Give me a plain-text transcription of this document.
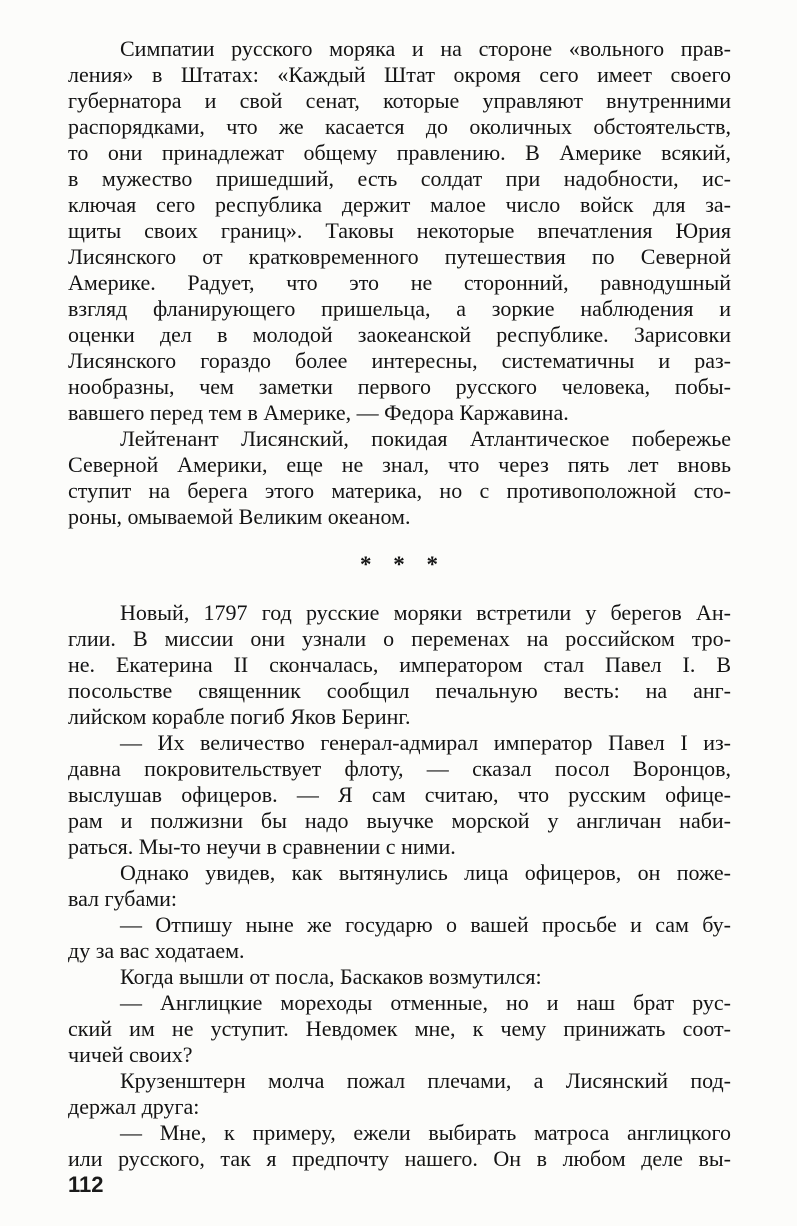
Симпатии русского моряка и на стороне «вольного прав-
ления» в Штатах: «Каждый Штат окромя сего имеет своего
губернатора и свой сенат, которые управляют внутренними
распорядками, что же касается до околичных обстоятельств,
то они принадлежат общему правлению. В Америке всякий,
в мужество пришедший, есть солдат при надобности, ис-
ключая сего республика держит малое число войск для за-
щиты своих границ». Таковы некоторые впечатления Юрия
Лисянского от кратковременного путешествия по Северной
Америке. Радует, что это не сторонний, равнодушный
взгляд фланирующего пришельца, а зоркие наблюдения и
оценки дел в молодой заокеанской республике. Зарисовки
Лисянского гораздо более интересны, систематичны и раз-
нообразны, чем заметки первого русского человека, побы-
вавшего перед тем в Америке, — Федора Каржавина.
Лейтенант Лисянский, покидая Атлантическое побережье
Северной Америки, еще не знал, что через пять лет вновь
ступит на берега этого материка, но с противоположной сто-
роны, омываемой Великим океаном.
* * *
Новый, 1797 год русские моряки встретили у берегов Ан-
глии. В миссии они узнали о переменах на российском тро-
не. Екатерина II скончалась, императором стал Павел I. В
посольстве священник сообщил печальную весть: на анг-
лийском корабле погиб Яков Беринг.
— Их величество генерал-адмирал император Павел I из-
давна покровительствует флоту, — сказал посол Воронцов,
выслушав офицеров. — Я сам считаю, что русским офице-
рам и полжизни бы надо выучке морской у англичан наби-
раться. Мы-то неучи в сравнении с ними.
Однако увидев, как вытянулись лица офицеров, он поже-
вал губами:
— Отпишу ныне же государю о вашей просьбе и сам бу-
ду за вас ходатаем.
Когда вышли от посла, Баскаков возмутился:
— Англицкие мореходы отменные, но и наш брат рус-
ский им не уступит. Невдомек мне, к чему принижать соот-
чичей своих?
Крузенштерн молча пожал плечами, а Лисянский под-
держал друга:
— Мне, к примеру, ежели выбирать матроса англицкого
или русского, так я предпочту нашего. Он в любом деле вы-
112
